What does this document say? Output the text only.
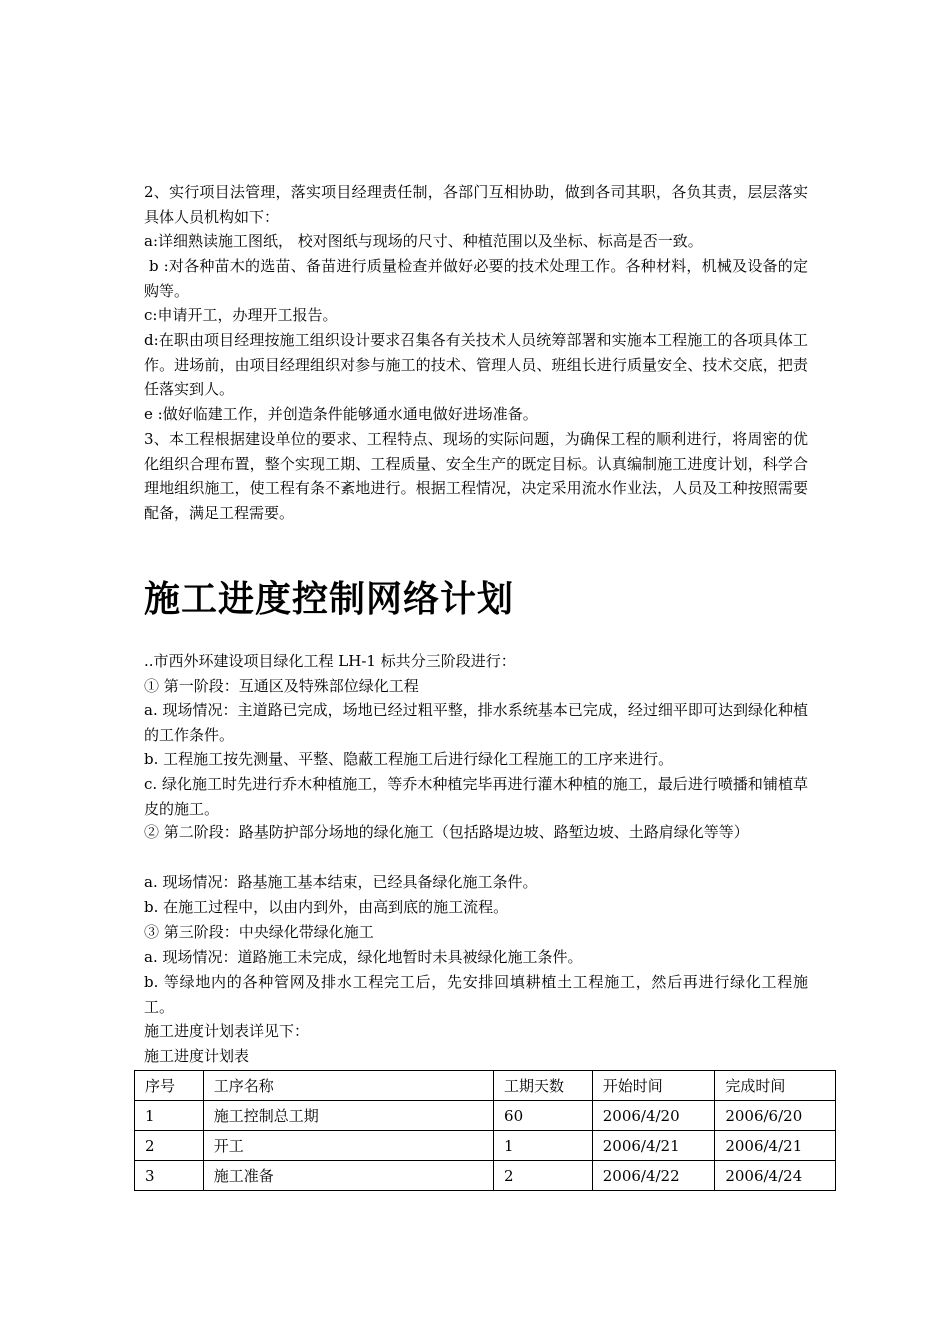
2、实行项目法管理，落实项目经理责任制，各部门互相协助，做到各司其职，各负其责，层层落实具体人员机构如下：

a:详细熟读施工图纸， 校对图纸与现场的尺寸、种植范围以及坐标、标高是否一致。

b :对各种苗木的选苗、备苗进行质量检查并做好必要的技术处理工作。各种材料，机械及设备的定购等。

c:申请开工，办理开工报告。

d:在职由项目经理按施工组织设计要求召集各有关技术人员统筹部署和实施本工程施工的各项具体工作。进场前，由项目经理组织对参与施工的技术、管理人员、班组长进行质量安全、技术交底，把责任落实到人。

e :做好临建工作，并创造条件能够通水通电做好进场准备。

3、本工程根据建设单位的要求、工程特点、现场的实际问题，为确保工程的顺利进行，将周密的优化组织合理布置，整个实现工期、工程质量、安全生产的既定目标。认真编制施工进度计划，科学合理地组织施工，使工程有条不紊地进行。根据工程情况，决定采用流水作业法，人员及工种按照需要配备，满足工程需要。

施工进度控制网络计划

..市西外环建设项目绿化工程 LH-1 标共分三阶段进行：

① 第一阶段：互通区及特殊部位绿化工程

a. 现场情况：主道路已完成，场地已经过粗平整，排水系统基本已完成，经过细平即可达到绿化种植的工作条件。

b. 工程施工按先测量、平整、隐蔽工程施工后进行绿化工程施工的工序来进行。

c. 绿化施工时先进行乔木种植施工，等乔木种植完毕再进行灌木种植的施工，最后进行喷播和铺植草皮的施工。

② 第二阶段：路基防护部分场地的绿化施工（包括路堤边坡、路堑边坡、土路肩绿化等等）

a. 现场情况：路基施工基本结束，已经具备绿化施工条件。

b. 在施工过程中，以由内到外，由高到底的施工流程。

③ 第三阶段：中央绿化带绿化施工

a. 现场情况：道路施工未完成，绿化地暂时未具被绿化施工条件。

b. 等绿地内的各种管网及排水工程完工后，先安排回填耕植土工程施工，然后再进行绿化工程施工。

施工进度计划表详见下：

施工进度计划表

序号	工序名称	工期天数	开始时间	完成时间
1	施工控制总工期	60	2006/4/20	2006/6/20
2	开工	1	2006/4/21	2006/4/21
3	施工准备	2	2006/4/22	2006/4/24
